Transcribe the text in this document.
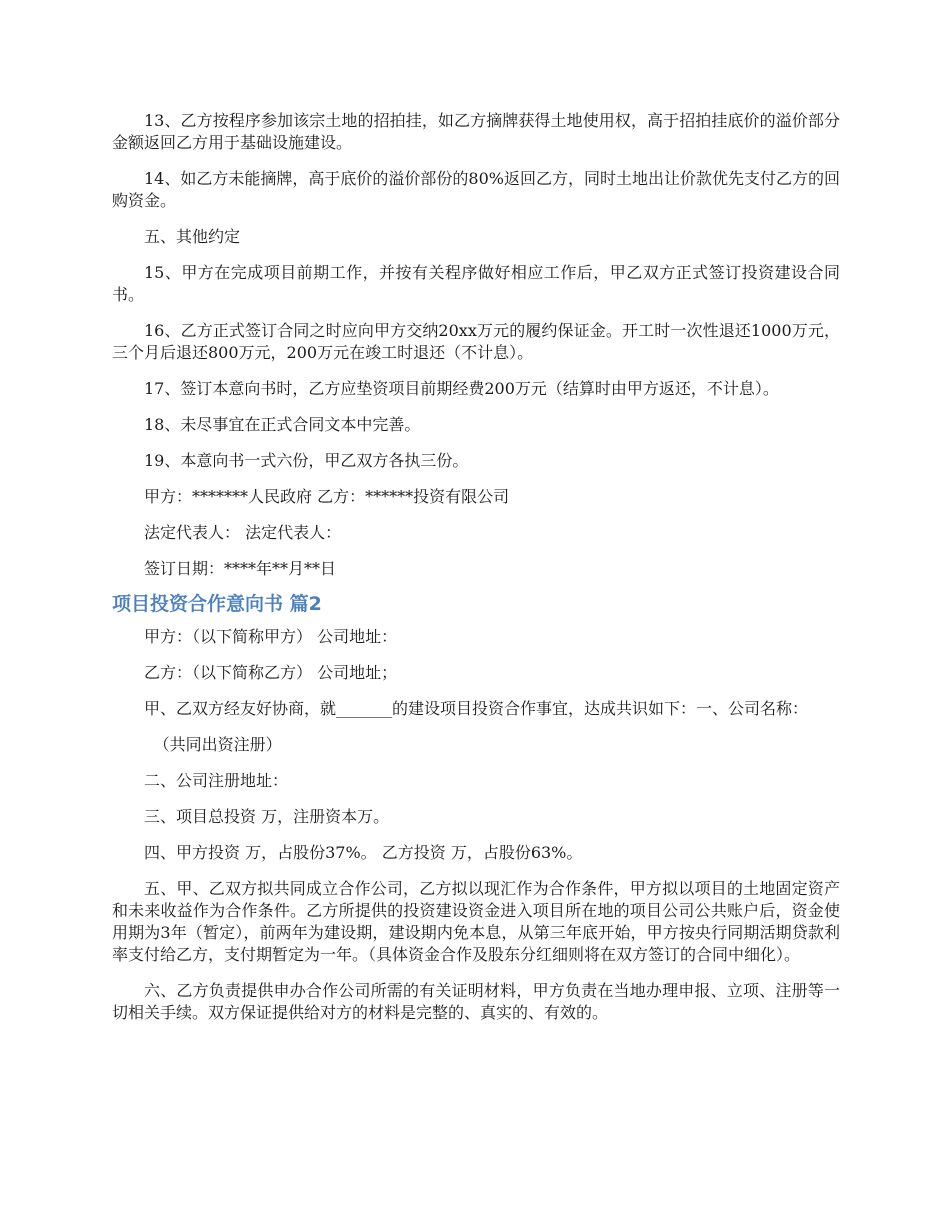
13、乙方按程序参加该宗土地的招拍挂，如乙方摘牌获得土地使用权，高于招拍挂底价的溢价部分金额返回乙方用于基础设施建设。

14、如乙方未能摘牌，高于底价的溢价部份的80%返回乙方，同时土地出让价款优先支付乙方的回购资金。

五、其他约定

15、甲方在完成项目前期工作，并按有关程序做好相应工作后，甲乙双方正式签订投资建设合同书。

16、乙方正式签订合同之时应向甲方交纳20xx万元的履约保证金。开工时一次性退还1000万元，三个月后退还800万元，200万元在竣工时退还（不计息）。

17、签订本意向书时，乙方应垫资项目前期经费200万元（结算时由甲方返还，不计息）。

18、未尽事宜在正式合同文本中完善。

19、本意向书一式六份，甲乙双方各执三份。

甲方：*******人民政府 乙方：******投资有限公司

法定代表人： 法定代表人：

签订日期：****年**月**日

项目投资合作意向书 篇2

甲方：（以下简称甲方） 公司地址：

乙方：（以下简称乙方） 公司地址；

甲、乙双方经友好协商，就_______的建设项目投资合作事宜，达成共识如下：一、公司名称：

（共同出资注册）

二、公司注册地址：

三、项目总投资 万，注册资本万。

四、甲方投资 万，占股份37%。 乙方投资 万，占股份63%。

五、甲、乙双方拟共同成立合作公司，乙方拟以现汇作为合作条件，甲方拟以项目的土地固定资产和未来收益作为合作条件。乙方所提供的投资建设资金进入项目所在地的项目公司公共账户后，资金使用期为3年（暂定），前两年为建设期，建设期内免本息，从第三年底开始，甲方按央行同期活期贷款利率支付给乙方，支付期暂定为一年。（具体资金合作及股东分红细则将在双方签订的合同中细化）。

六、乙方负责提供申办合作公司所需的有关证明材料，甲方负责在当地办理申报、立项、注册等一切相关手续。双方保证提供给对方的材料是完整的、真实的、有效的。
